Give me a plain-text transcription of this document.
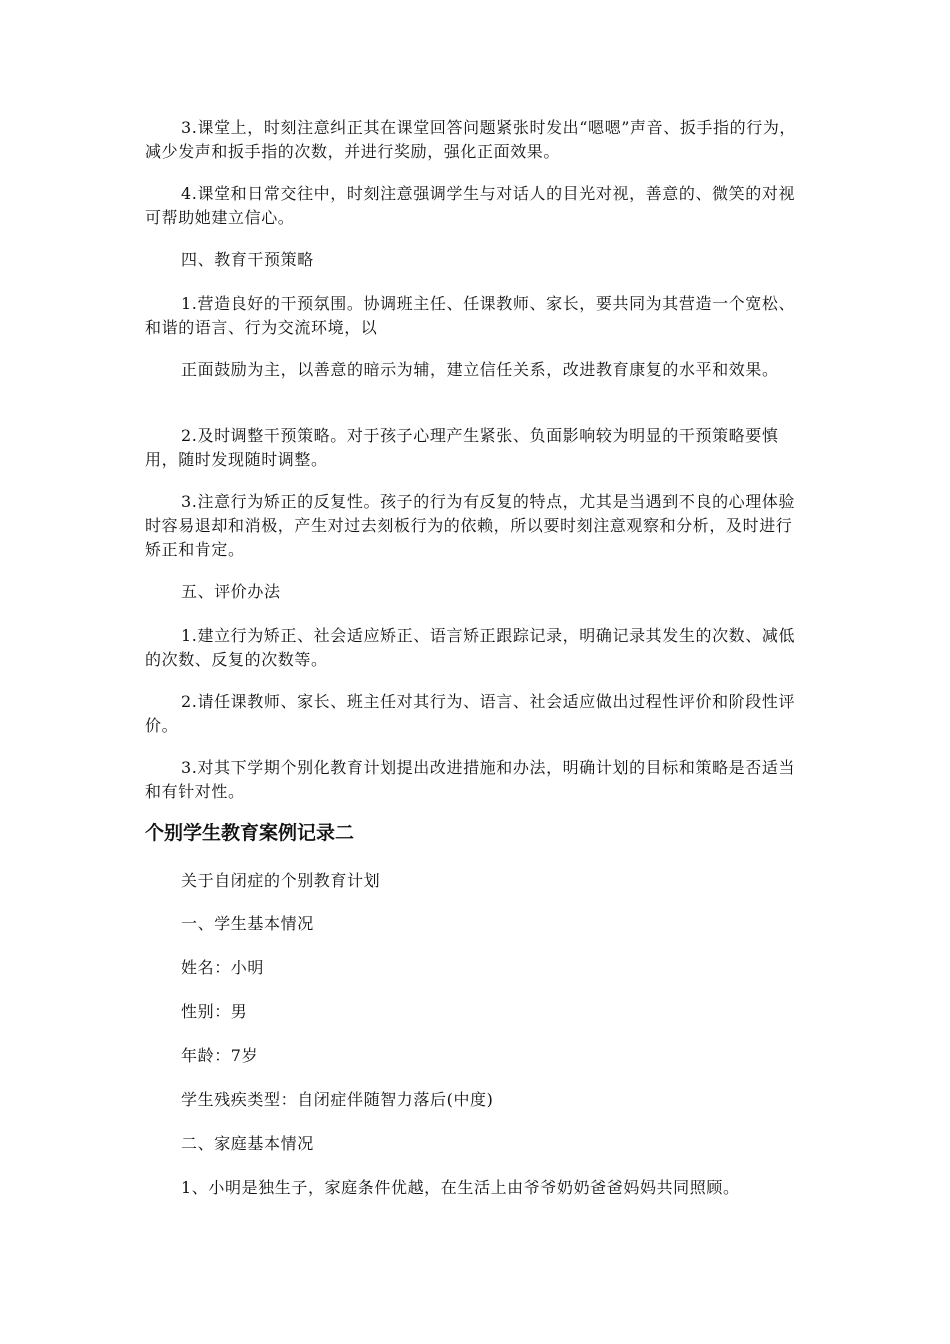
3.课堂上，时刻注意纠正其在课堂回答问题紧张时发出“嗯嗯”声音、扳手指的行为，减少发声和扳手指的次数，并进行奖励，强化正面效果。
4.课堂和日常交往中，时刻注意强调学生与对话人的目光对视，善意的、微笑的对视可帮助她建立信心。
四、教育干预策略
1.营造良好的干预氛围。协调班主任、任课教师、家长，要共同为其营造一个宽松、和谐的语言、行为交流环境，以
正面鼓励为主，以善意的暗示为辅，建立信任关系，改进教育康复的水平和效果。
2.及时调整干预策略。对于孩子心理产生紧张、负面影响较为明显的干预策略要慎用，随时发现随时调整。
3.注意行为矫正的反复性。孩子的行为有反复的特点，尤其是当遇到不良的心理体验时容易退却和消极，产生对过去刻板行为的依赖，所以要时刻注意观察和分析，及时进行矫正和肯定。
五、评价办法
1.建立行为矫正、社会适应矫正、语言矫正跟踪记录，明确记录其发生的次数、减低的次数、反复的次数等。
2.请任课教师、家长、班主任对其行为、语言、社会适应做出过程性评价和阶段性评价。
3.对其下学期个别化教育计划提出改进措施和办法，明确计划的目标和策略是否适当和有针对性。
个别学生教育案例记录二
关于自闭症的个别教育计划
一、学生基本情况
姓名：小明
性别：男
年龄：7岁
学生残疾类型：自闭症伴随智力落后(中度)
二、家庭基本情况
1、小明是独生子，家庭条件优越，在生活上由爷爷奶奶爸爸妈妈共同照顾。
